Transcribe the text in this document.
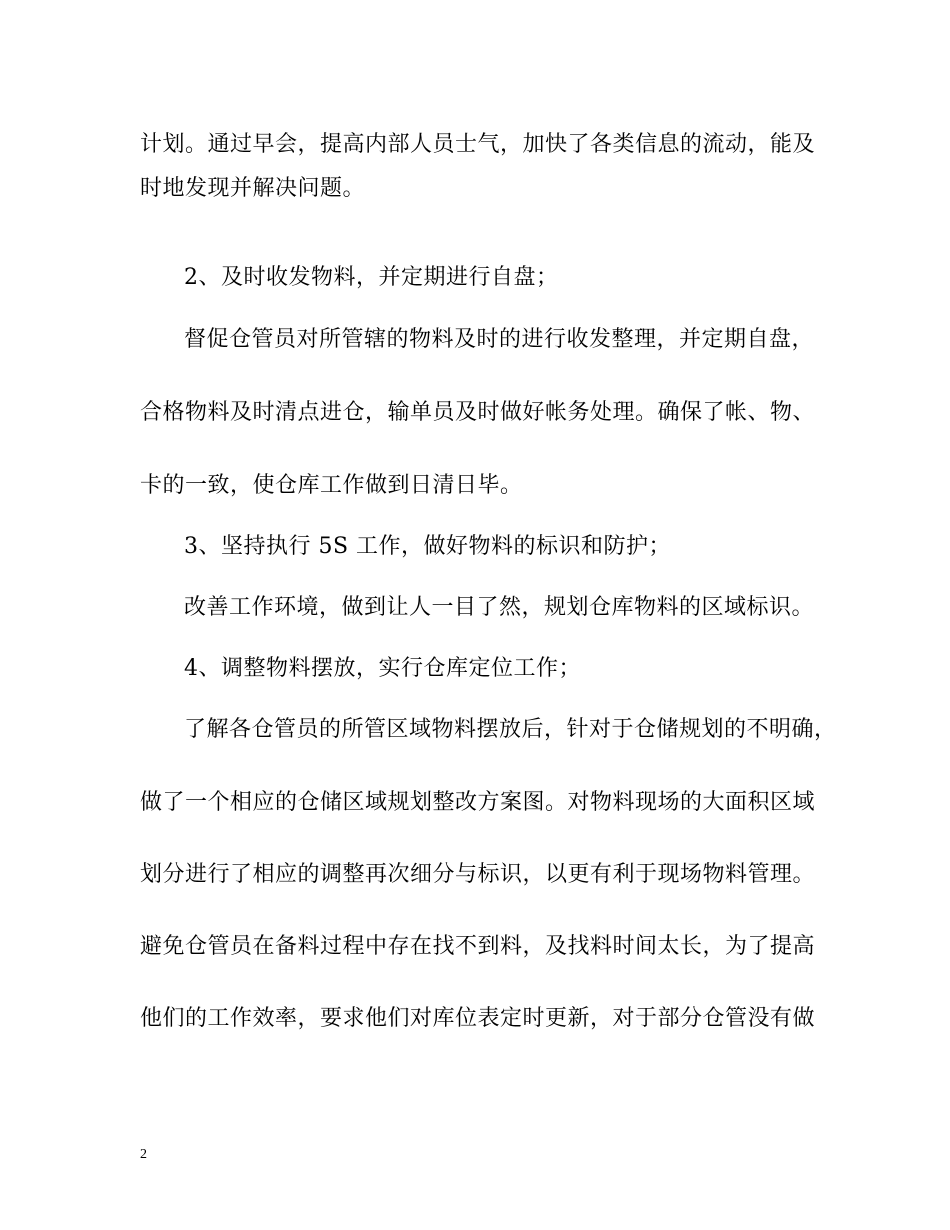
计划。通过早会，提高内部人员士气，加快了各类信息的流动，能及
时地发现并解决问题。
2、及时收发物料，并定期进行自盘；
督促仓管员对所管辖的物料及时的进行收发整理，并定期自盘，
合格物料及时清点进仓，输单员及时做好帐务处理。确保了帐、物、
卡的一致，使仓库工作做到日清日毕。
3、坚持执行 5S 工作，做好物料的标识和防护；
改善工作环境，做到让人一目了然，规划仓库物料的区域标识。
4、调整物料摆放，实行仓库定位工作；
了解各仓管员的所管区域物料摆放后，针对于仓储规划的不明确，
做了一个相应的仓储区域规划整改方案图。对物料现场的大面积区域
划分进行了相应的调整再次细分与标识，以更有利于现场物料管理。
避免仓管员在备料过程中存在找不到料，及找料时间太长，为了提高
他们的工作效率，要求他们对库位表定时更新，对于部分仓管没有做
2
